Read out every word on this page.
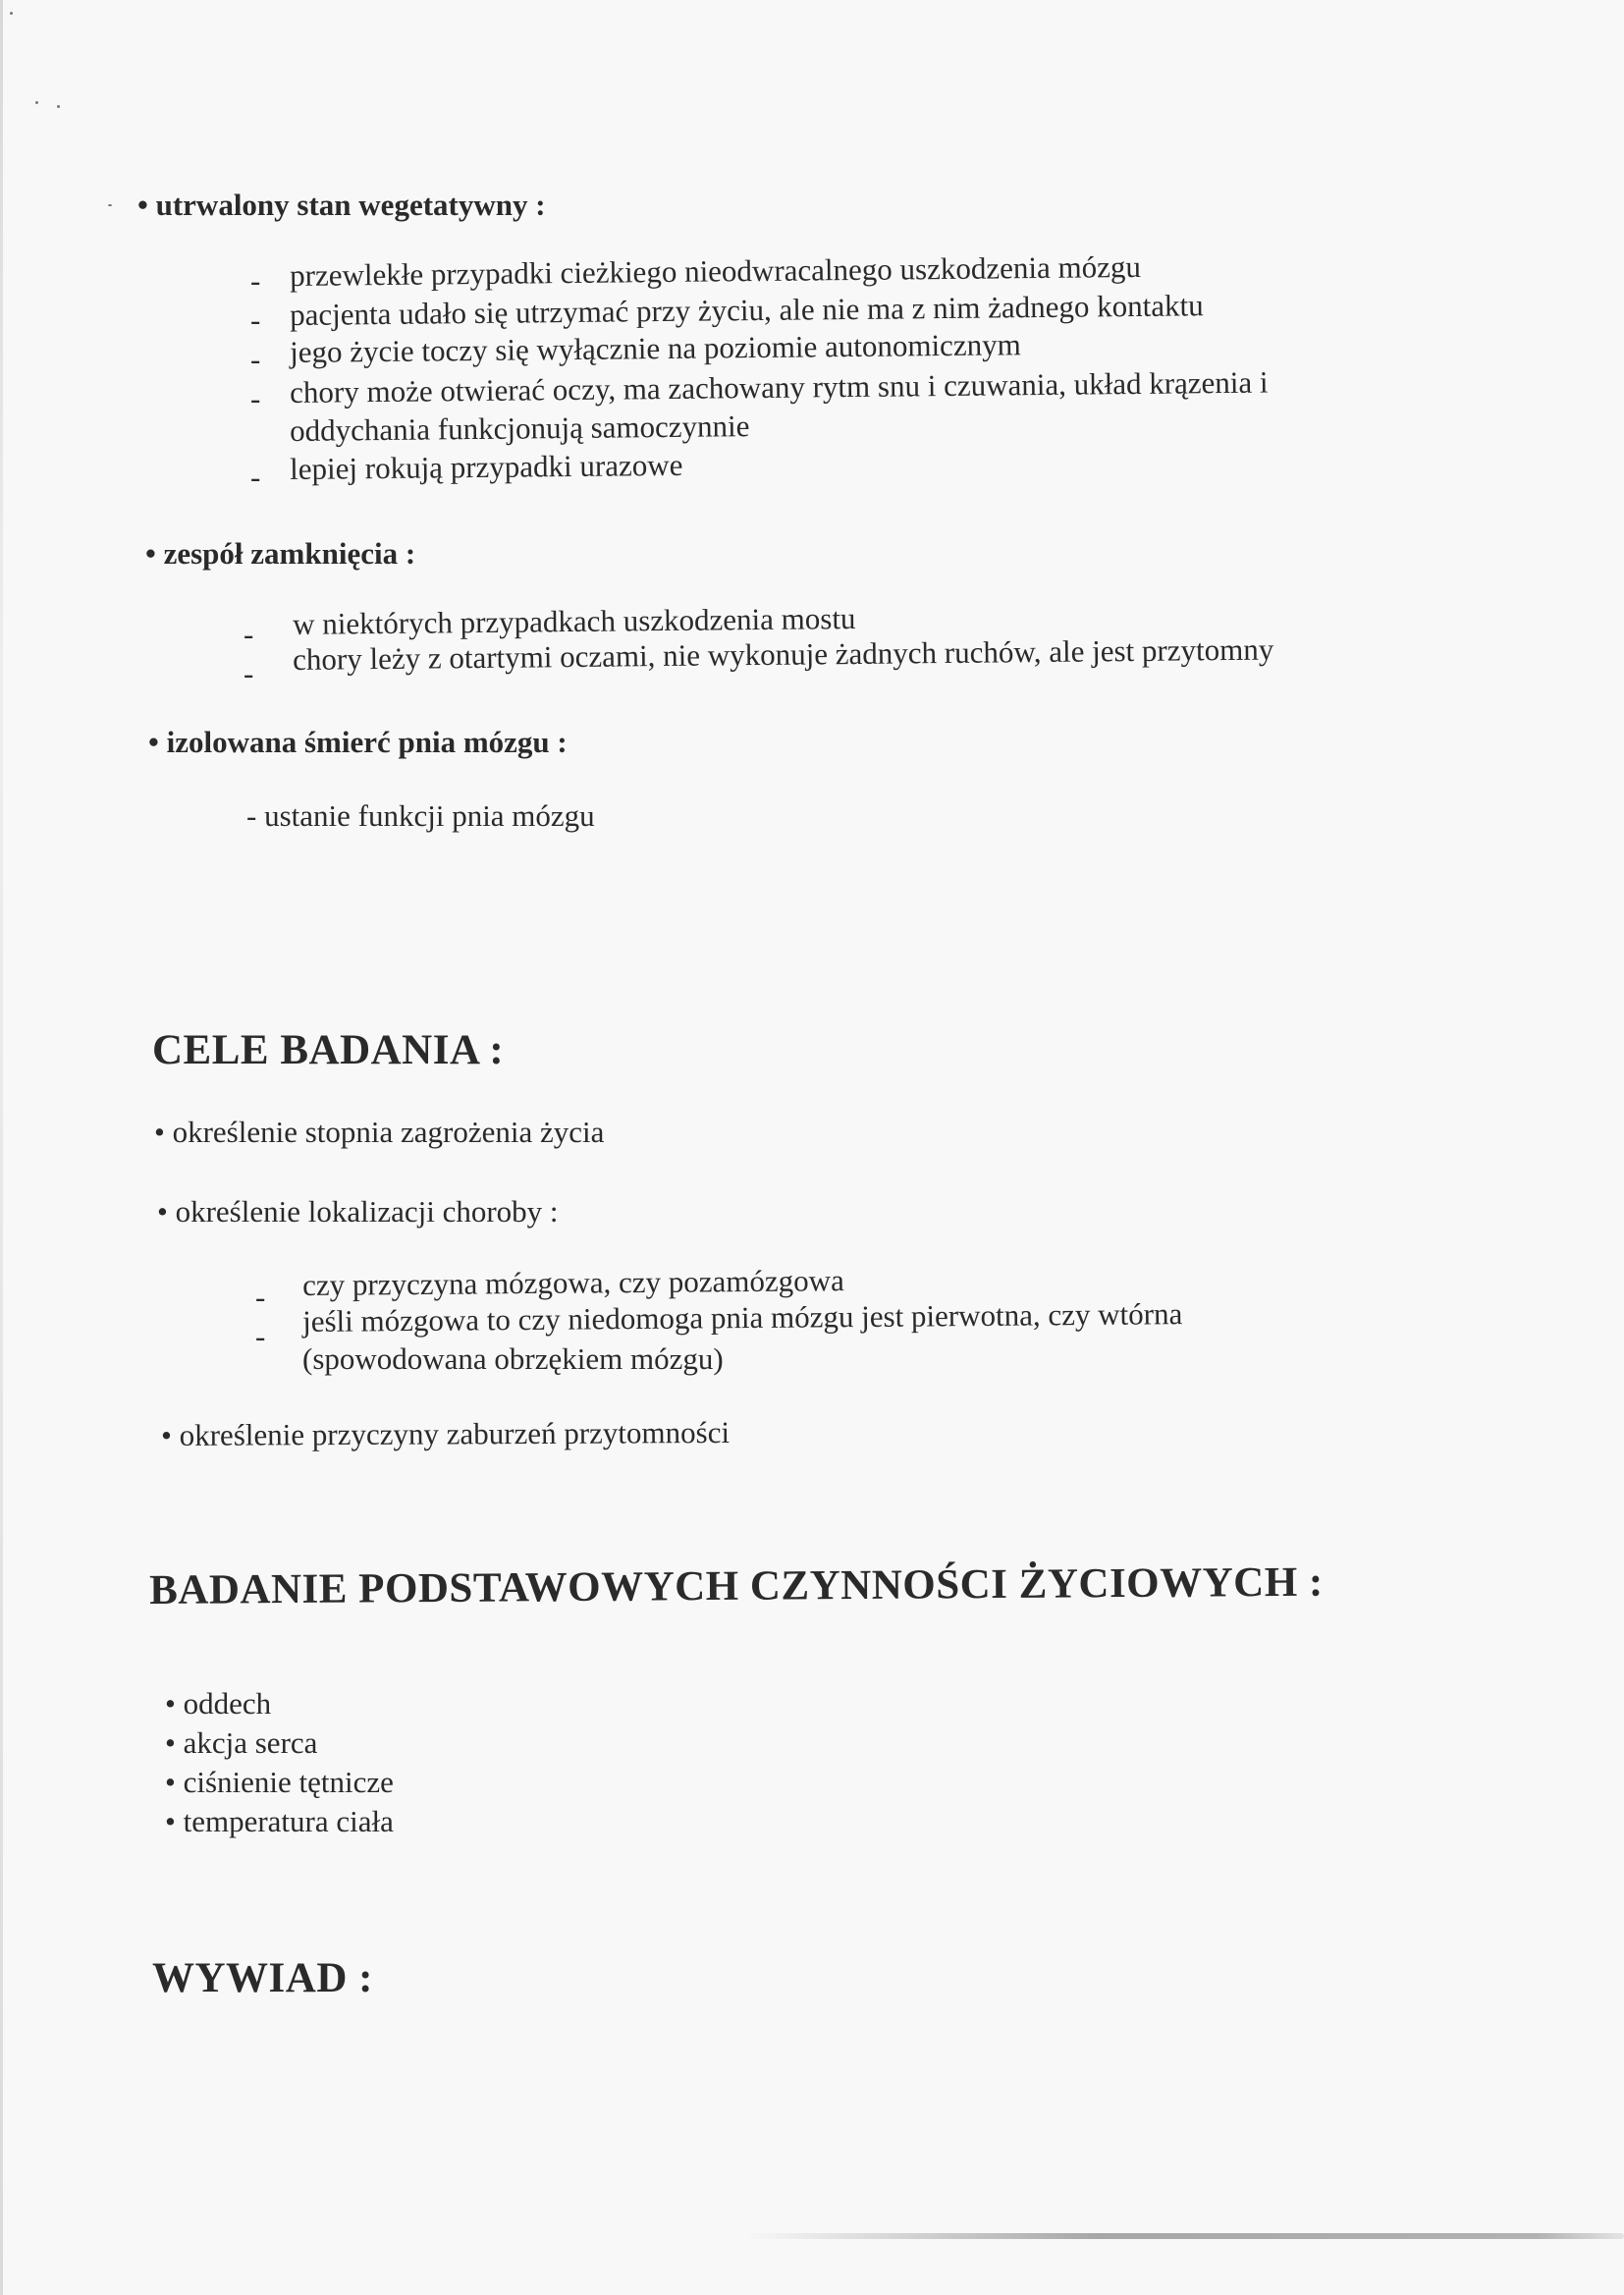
• utrwalony stan wegetatywny :
- przewlekłe przypadki cieżkiego nieodwracalnego uszkodzenia mózgu
- pacjenta udało się utrzymać przy życiu, ale nie ma z nim żadnego kontaktu
- jego życie toczy się wyłącznie na poziomie autonomicznym
- chory może otwierać oczy, ma zachowany rytm snu i czuwania, układ krązenia i
oddychania funkcjonują samoczynnie
- lepiej rokują przypadki urazowe
• zespół zamknięcia :
- w niektórych przypadkach uszkodzenia mostu
- chory leży z otartymi oczami, nie wykonuje żadnych ruchów, ale jest przytomny
• izolowana śmierć pnia mózgu :
- ustanie funkcji pnia mózgu
CELE BADANIA :
• określenie stopnia zagrożenia życia
• określenie lokalizacji choroby :
- czy przyczyna mózgowa, czy pozamózgowa
- jeśli mózgowa to czy niedomoga pnia mózgu jest pierwotna, czy wtórna
(spowodowana obrzękiem mózgu)
• określenie przyczyny zaburzeń przytomności
BADANIE PODSTAWOWYCH CZYNNOŚCI ŻYCIOWYCH :
• oddech
• akcja serca
• ciśnienie tętnicze
• temperatura ciała
WYWIAD :
